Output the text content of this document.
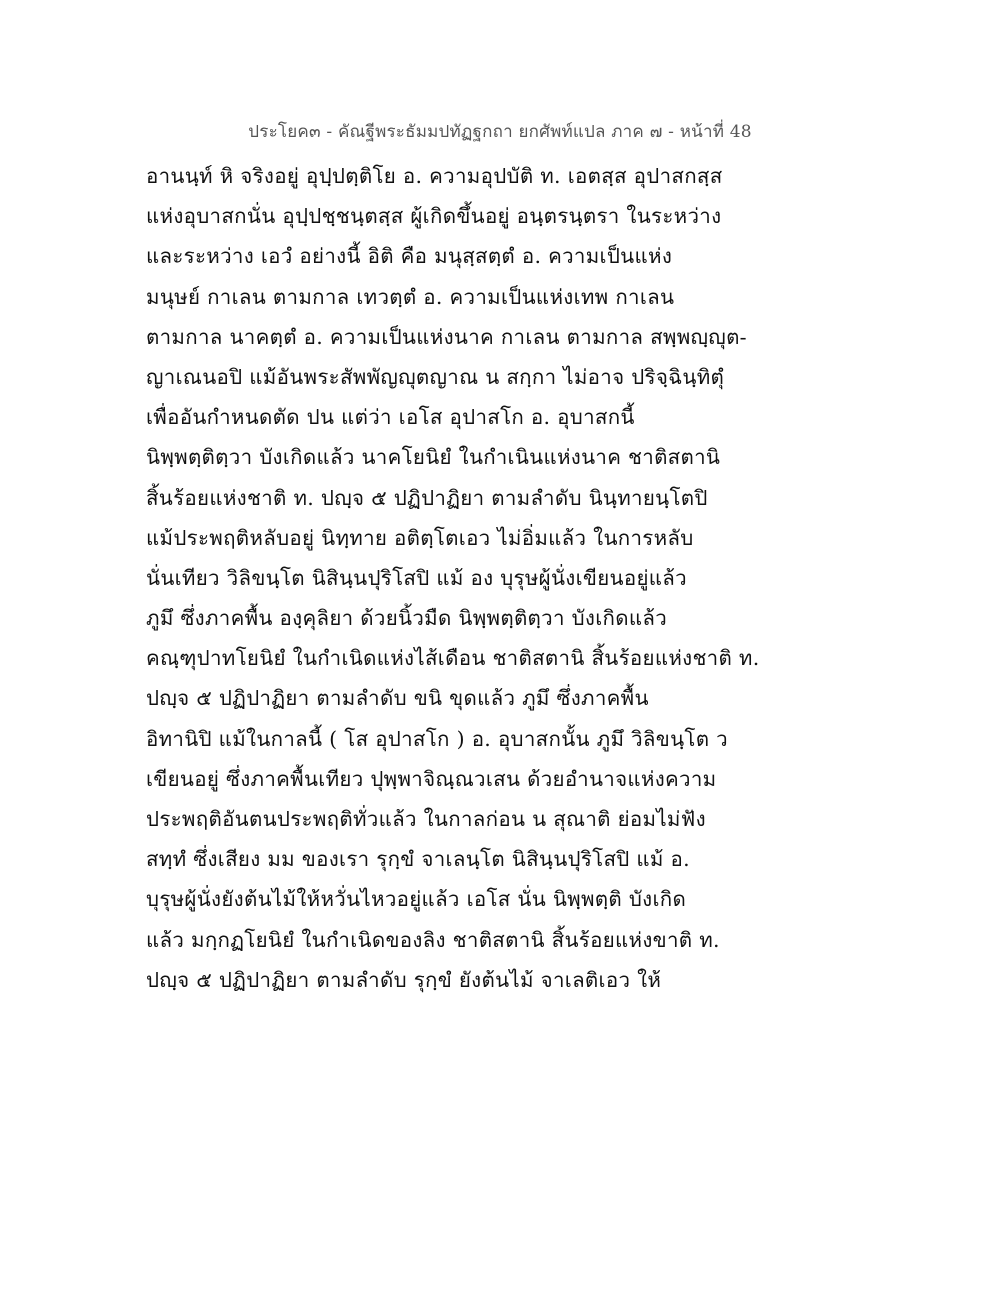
ประโยค๓ - คัณฐีพระธัมมปทัฏฐกถา ยกศัพท์แปล ภาค ๗ - หน้าที่ 48
อานนฺท์ หิ จริงอยู่ อุปฺปตฺติโย อ. ความอุปบัติ ท. เอตสฺส อุปาสกสฺส
แห่งอุบาสกนั่น อุปฺปชฺชนฺตสฺส ผู้เกิดขึ้นอยู่ อนฺตรนฺตรา ในระหว่าง
และระหว่าง เอวํ อย่างนี้ อิติ คือ มนุสฺสตฺตํ อ. ความเป็นแห่ง
มนุษย์ กาเลน ตามกาล เทวตฺตํ อ. ความเป็นแห่งเทพ กาเลน
ตามกาล นาคตฺตํ อ. ความเป็นแห่งนาค กาเลน ตามกาล สพฺพญฺญุต-
ญาเณนอปิ แม้อันพระสัพพัญญุตญาณ น สกฺกา ไม่อาจ ปริจฺฉินฺทิตุํ
เพื่ออันกำหนดตัด ปน แต่ว่า เอโส อุปาสโก อ. อุบาสกนี้
นิพฺพตฺติตฺวา บังเกิดแล้ว นาคโยนิยํ ในกำเนินแห่งนาค ชาติสตานิ
สิ้นร้อยแห่งชาติ ท. ปญฺจ ๕ ปฏิปาฏิยา ตามลำดับ นินฺทายนฺโตปิ
แม้ประพฤติหลับอยู่ นิทฺทาย อติตฺโตเอว ไม่อิ่มแล้ว ในการหลับ
นั่นเทียว วิลิขนฺโต นิสินฺนปุริโสปิ แม้ อง บุรุษผู้นั่งเขียนอยู่แล้ว
ภูมึ ซึ่งภาคพื้น องฺคุลิยา ด้วยนิ้วมืด นิพฺพตฺติตฺวา บังเกิดแล้ว
คณฺฑุปาทโยนิยํ ในกำเนิดแห่งไส้เดือน ชาติสตานิ สิ้นร้อยแห่งชาติ ท.
ปญฺจ ๕ ปฏิปาฏิยา ตามลำดับ ขนิ ขุดแล้ว ภูมึ ซึ่งภาคพื้น
อิทานิปิ แม้ในกาลนี้ ( โส อุปาสโก ) อ. อุบาสกนั้น ภูมึ วิลิขนฺโต ว
เขียนอยู่ ซึ่งภาคพื้นเทียว ปุพฺพาจิณฺณวเสน ด้วยอำนาจแห่งความ
ประพฤติอันตนประพฤติทั่วแล้ว ในกาลก่อน น สุณาติ ย่อมไม่ฟัง
สทฺทํ ซึ่งเสียง มม ของเรา รุกฺขํ จาเลนฺโต นิสินฺนปุริโสปิ แม้ อ.
บุรุษผู้นั่งยังต้นไม้ให้หวั่นไหวอยู่แล้ว เอโส นั่น นิพฺพตฺติ บังเกิด
แล้ว มกฺกฏโยนิยํ ในกำเนิดของลิง ชาติสตานิ สิ้นร้อยแห่งขาติ ท.
ปญฺจ ๕ ปฏิปาฏิยา ตามลำดับ รุกฺขํ ยังต้นไม้ จาเลติเอว ให้
